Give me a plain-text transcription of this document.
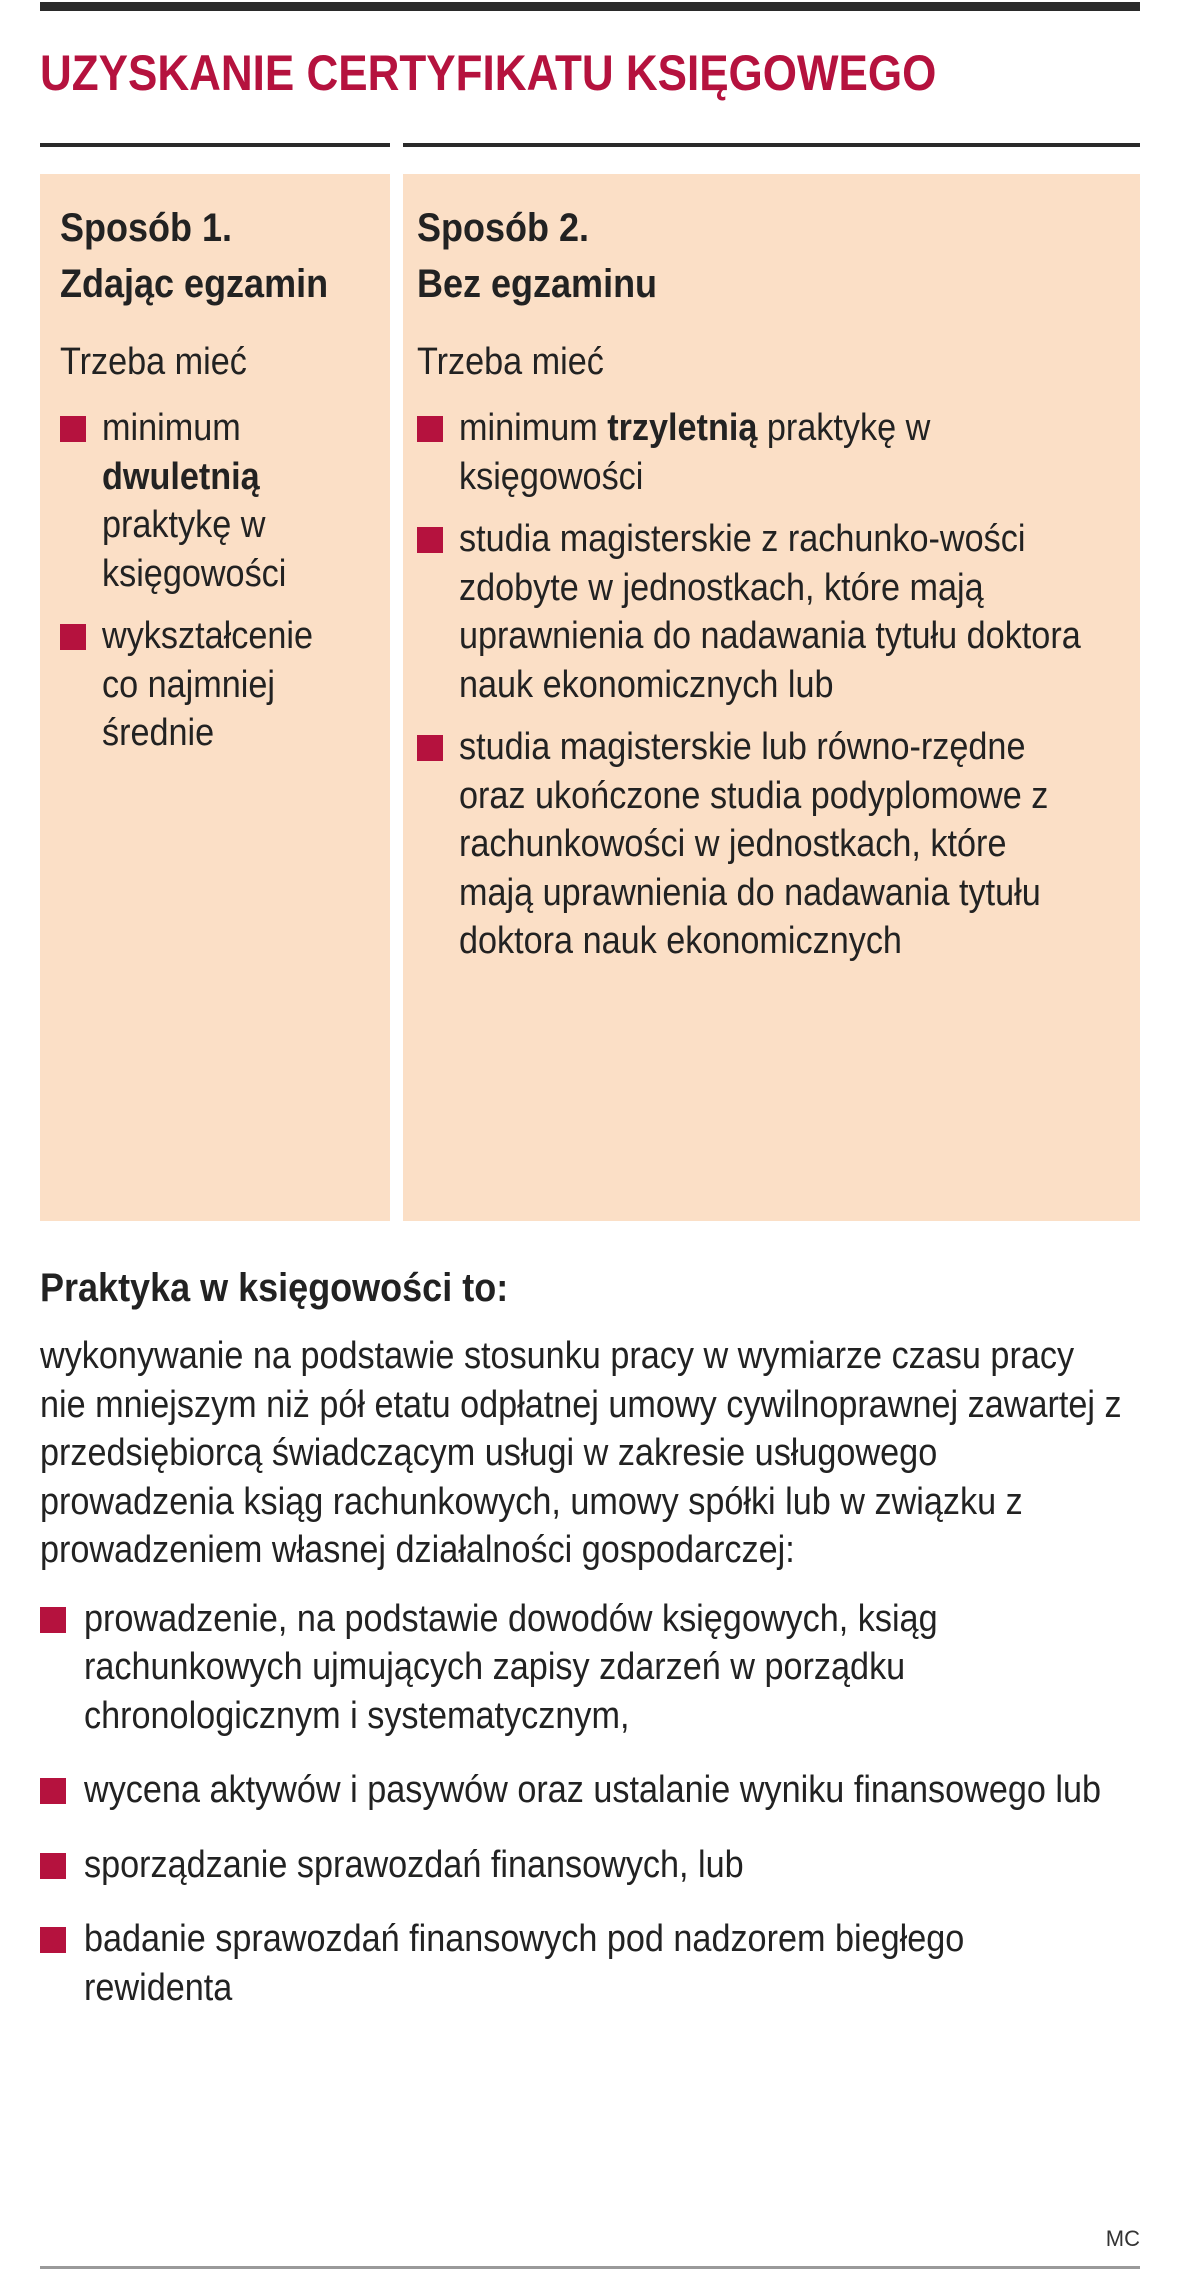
UZYSKANIE CERTYFIKATU KSIĘGOWEGO
Sposób 1.
Zdając egzamin
Trzeba mieć
minimum dwuletnią praktykę w księgowości
wykształcenie co najmniej średnie
Sposób 2.
Bez egzaminu
Trzeba mieć
minimum trzyletnią praktykę w księgowości
studia magisterskie z rachunko-wości zdobyte w jednostkach, które mają uprawnienia do nadawania tytułu doktora nauk ekonomicznych lub
studia magisterskie lub równo-rzędne oraz ukończone studia podyplomowe z rachunkowości w jednostkach, które mają uprawnienia do nadawania tytułu doktora nauk ekonomicznych
Praktyka w księgowości to:
wykonywanie na podstawie stosunku pracy w wymiarze czasu pracy nie mniejszym niż pół etatu odpłatnej umowy cywilnoprawnej zawartej z przedsiębiorcą świadczącym usługi w zakresie usługowego prowadzenia ksiąg rachunkowych, umowy spółki lub w związku z prowadzeniem własnej działalności gospodarczej:
prowadzenie, na podstawie dowodów księgowych, ksiąg rachunkowych ujmujących zapisy zdarzeń w porządku chronologicznym i systematycznym,
wycena aktywów i pasywów oraz ustalanie wyniku finansowego lub
sporządzanie sprawozdań finansowych, lub
badanie sprawozdań finansowych pod nadzorem biegłego rewidenta
MC
